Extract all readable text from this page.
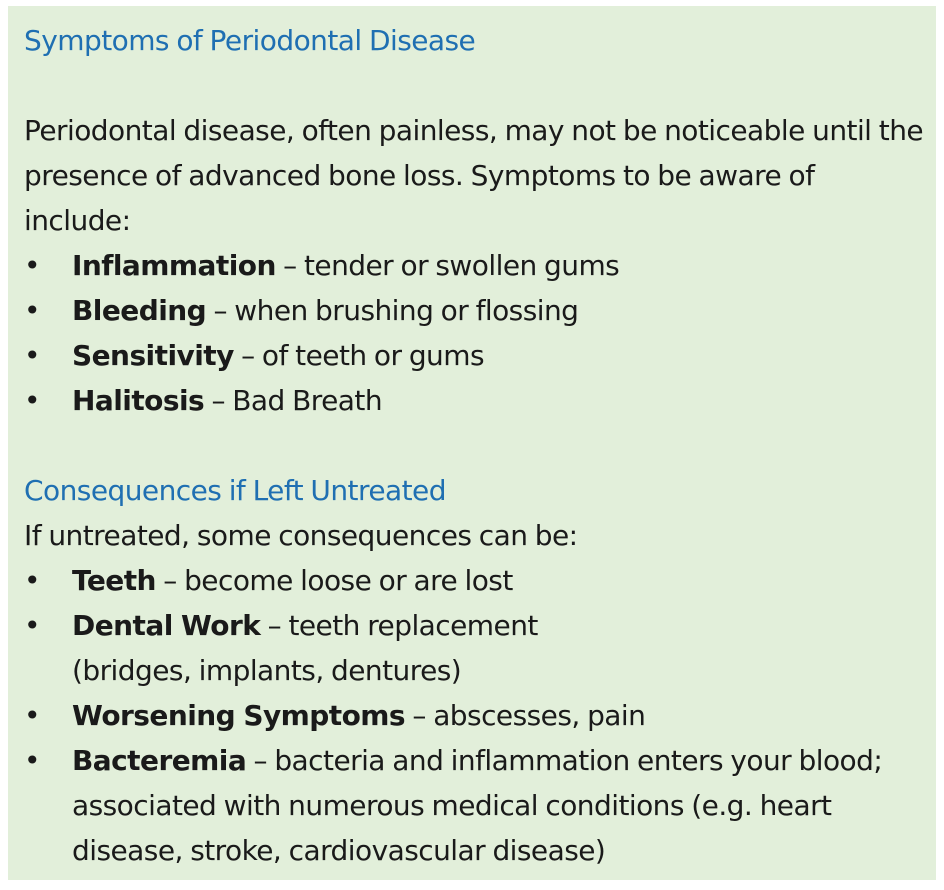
Symptoms of Periodontal Disease

Periodontal disease, often painless, may not be noticeable until the presence of advanced bone loss. Symptoms to be aware of include:

•	Inflammation – tender or swollen gums
•	Bleeding – when brushing or flossing
•	Sensitivity – of teeth or gums
•	Halitosis – Bad Breath
Consequences if Left Untreated

If untreated, some consequences can be:

•	Teeth – become loose or are lost
•	Dental Work – teeth replacement (bridges, implants, dentures)
•	Worsening Symptoms – abscesses, pain
•	Bacteremia – bacteria and inflammation enters your blood; associated with numerous medical conditions (e.g. heart disease, stroke, cardiovascular disease)
